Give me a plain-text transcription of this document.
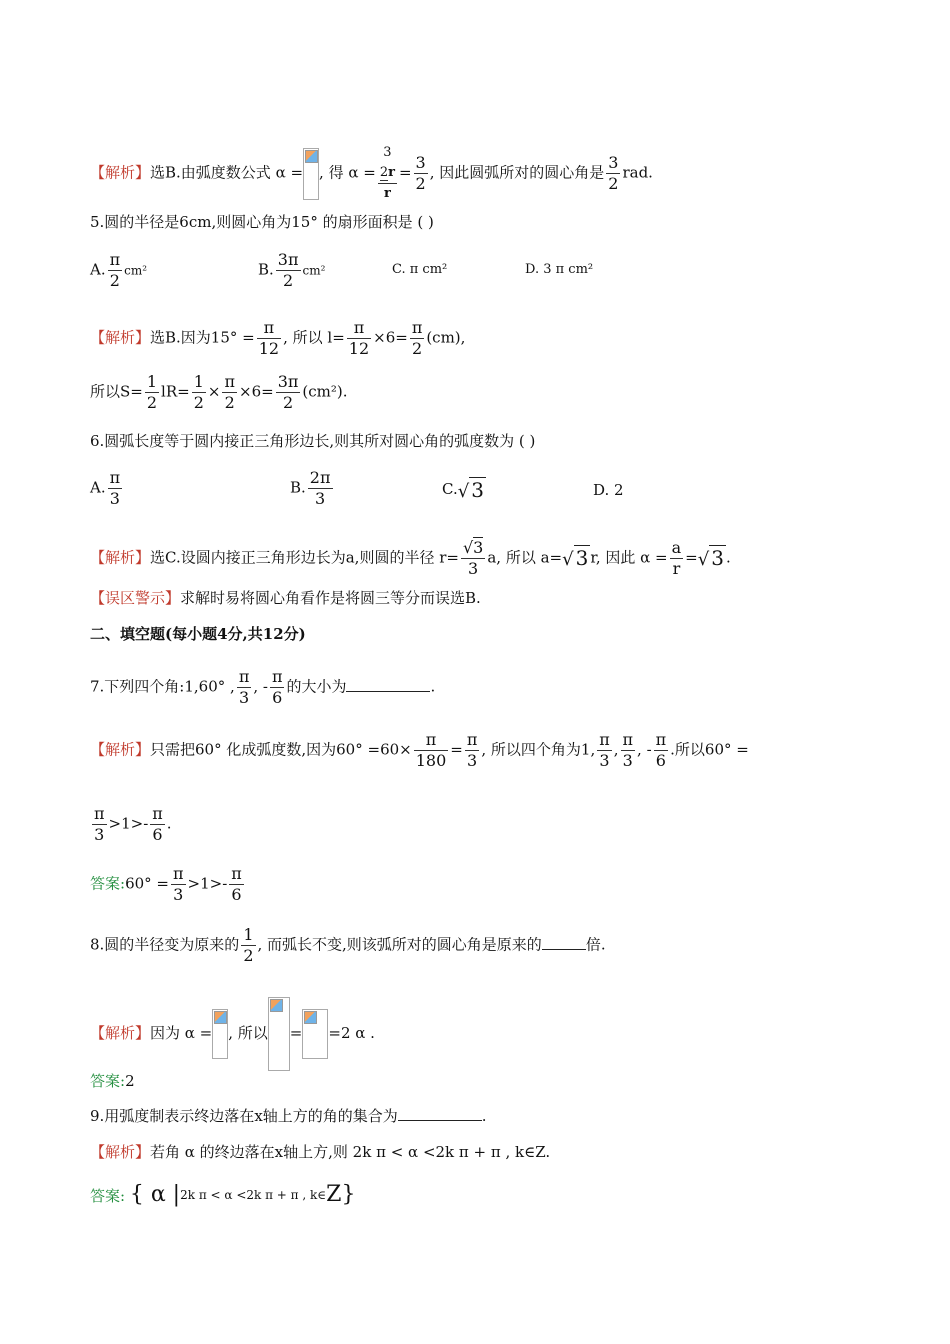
【解析】选B.由弧度数公式 α = , 得 α =
3
2r
r
= $\frac{3}{2}$ , 因此圆弧所对的圆心角是 $\frac{3}{2}$ rad.
5.圆的半径是6cm,则圆心角为15° 的扇形面积是 ( )
A. $\frac{\pi}{2} cm^2$	B. $\frac{3\pi}{2} cm^2$	C. π cm²	D. 3 π cm²
【解析】选B.因为$15^\circ = \frac{\pi}{12}$ , 所以 $l= \frac{\pi}{12} \times 6= \frac{\pi}{2} (cm)$,
所以$S= \frac{1}{2} lR= \frac{1}{2} \times \frac{\pi}{2} \times 6= \frac{3\pi}{2} (cm^2)$.
6.圆弧长度等于圆内接正三角形边长,则其所对圆心角的弧度数为 ( )
A. $\frac{\pi}{3}$	B. $\frac{2\pi}{3}$	C.√ 3	D. 2
【解析】选C.设圆内接正三角形边长为a,则圆的半径 $r= \frac{√3}{3} a$, 所以 a=√ 3 r, 因此 $\alpha = \frac{a}{r}$ =√ 3 .
【误区警示】求解时易将圆心角看作是将圆三等分而误选B.
二、填空题(每小题4分,共12分)
7.下列四个角:1,60° , $\frac{\pi}{3}$ , - $\frac{\pi}{6}$ 的大小为	.
【解析】只需把60° 化成弧度数,因为$60^\circ =60\times \frac{\pi}{180} = \frac{\pi}{3}$ , 所以四个角为1, $\frac{\pi}{3}$ , $\frac{\pi}{3}$ , - $\frac{\pi}{6}$ .所以60° =
$\frac{\pi}{3} >1>- \frac{\pi}{6}$ .
答案:60° = $\frac{\pi}{3} >1>- \frac{\pi}{6}$
8.圆的半径变为原来的 $\frac{1}{2}$ , 而弧长不变,则该弧所对的圆心角是原来的	倍.
【解析】因为 α = , 所以 = =2 α .
答案:2
9.用弧度制表示终边落在x轴上方的角的集合为	.
【解析】若角 α 的终边落在x轴上方,则 2k π < α <2k π + π , k∈Z.
答案: { α $|^{2k \pi < \alpha <2k \pi + \pi , k\in}Z$}
